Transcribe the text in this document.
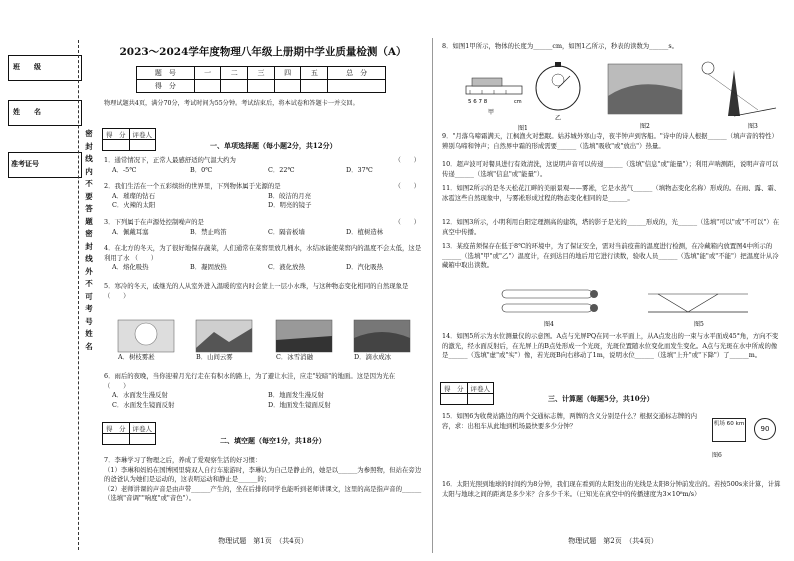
班　　级
姓　　名
准考证号
密封线内不要答题密封线外不可考号姓名
2023～2024学年度物理八年级上册期中学业质量检测（A）
题　号	一	二	三	四	五	总　分
得　分						
物理试题共4页，满分70分，考试时间为55分钟。考试结束后，将本试卷和答题卡一并交回。
得　分	评卷人

一、单项选择题（每小题2分，共12分）
1．通常情况下，正常人最感舒适的气温大约为	（　　）
A．-5℃	B．0℃	C．22℃	D．37℃
2．我们生活在一个五彩缤纷的世界里，下列物体属于光源的是	（　　）
A．璀璨的钻石	B．皎洁的月亮
C．火辣的太阳	D．明亮的镜子
3．下列属于在声源处控制噪声的是	（　　）
A．佩戴耳塞	B．禁止鸣笛	C．隔音板墙	D．植树造林
4．在北方的冬天，为了很好地保存蔬菜，人们通常在菜窖里放几桶水，水结冰能使菜窖内的温度不会太低，这是利用了水 （　　）
A．熔化吸热	B．凝固放热	C．液化放热	D．汽化吸热
5．寒冷的冬天，戚继光的人从室外进入温暖的室内时会蒙上一层小水珠，与这种物态变化相同的自然现象是 （　　）
A．树枝雾凇	B．山间云雾	C．冰雪消融	D．滴水成冰
6．雨后的夜晚，当你迎着月光行走在有积水的路上，为了避让水洼，应走"较暗"的地面。这是因为光在 （　　）
A．水面发生漫反射	B．地面发生漫反射
C．水面发生镜面反射	D．地面发生镜面反射
得　分	评卷人

二、填空题（每空1分，共18分）
7．李琳学习了物理之后，养成了爱观察生活的好习惯：
（1）李琳和妈妈在国博园里骑双人自行车旅游时，李琳认为自己是静止的，她是以______为参照物，但站在旁边的爸爸认为她们是运动的，这表明运动和静止是______的；
（2）老师讲课的声音是由声带______产生的，坐在后排的同学也能听到老师讲课文，这里的高是指声音的______（选填"音调""响度"或"音色"）。
物理试题　第1页　（共4页）
8．如图1甲所示，物体的长度为______cm，如图1乙所示，秒表的读数为______s。
5 6 7 8	cm
甲
乙
图1	图2	图3
9．"月落乌啼霜满天，江枫渔火对愁眠。姑苏城外寒山寺，夜半钟声到客船。"诗中的诗人根据______（填声音的特性）辨别乌啼和钟声；自然界中霜的形成需要______（选填"吸收"或"放出"）热量。
10．超声波可对餐具进行有效清洗，这说明声音可以传递______（选填"信息"或"能量"）；利用声呐测距，说明声音可以传递______（选填"信息"或"能量"）。
11．如图2所示的是冬天松花江畔的美丽景观——雾凇，它是水蒸气______（填物态变化名称）形成的。在雨、露、霜、冰雹这些自然现象中，与雾凇形成过程的物态变化相同的是______。
12．如图3所示，小明利用白阳定理测高的建筑，塔的影子是光的______形成的，光______（选填"可以"或"不可以"）在真空中传播。
13．某疫苗须保存在低于8℃的环境中，为了保证安全，需对当前疫苗的温度进行检测，在冷藏箱内放置图4中所示的______（选填"甲"或"乙"）温度计，在到达目的地后用它进行读数，验收人员______（选填"能"或"不能"）把温度计从冷藏箱中取出读数。
图4	图5
14．如图5所示为水位测量仪的示意图。A点与光屏PQ在同一水平面上，从A点发出的一束与水平面成45°角，方向不变的激光，经水面反射后，在光屏上的B点处形成一个光斑，光斑位置随水位变化而发生变化。A点与光斑在水中所成的像是______（选填"虚"或"实"）像，若光斑B向右移动了1m，说明水位______（选填"上升"或"下降"）了______m。
得　分	评卷人

三、计算题（每题5分，共10分）
15．如图6为收费站路边的两个交通标志牌，两牌的含义分别是什么？根据交通标志牌的内容，求：出租车从此地到机场最快要多少分钟？	机场 60 km
90
图6
16．太阳光照到地球的时间约为8分钟，我们现在看到的太阳发出的光线是太阳8分钟前发出的。若按500s来计算，计算太阳与地球之间的距离是多少米？合多少千米。（已知光在真空中的传播速度为3×10⁸m/s）
物理试题　第2页　（共4页）
